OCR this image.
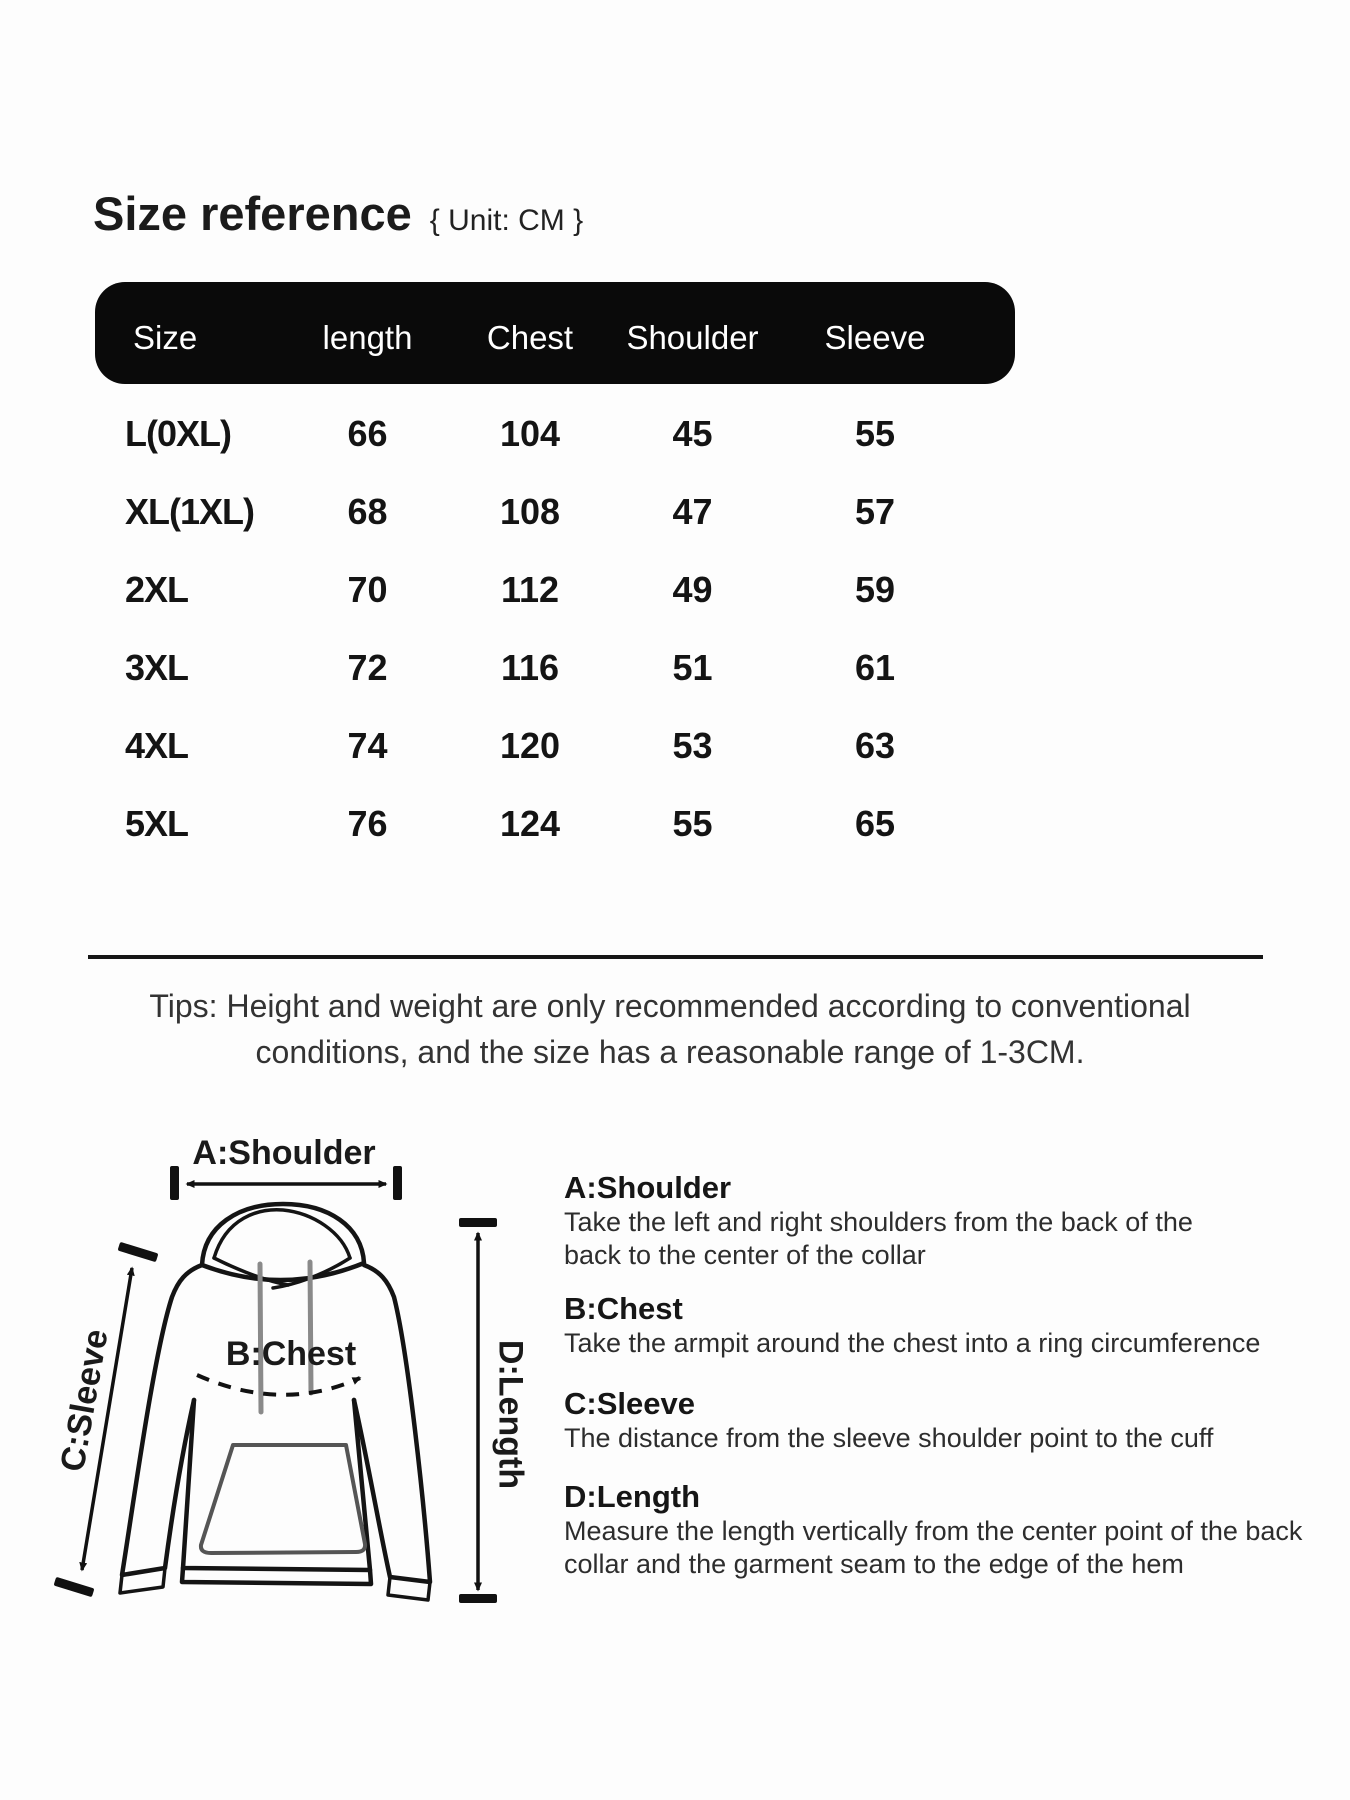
Size reference { Unit: CM }
Size	length	Chest	Shoulder	Sleeve
L(0XL)	66	104	45	55
XL(1XL)	68	108	47	57
2XL	70	112	49	59
3XL	72	116	51	61
4XL	74	120	53	63
5XL	76	124	55	65
Tips: Height and weight are only recommended according to conventional
conditions, and the size has a reasonable range of 1-3CM.
A:Shoulder
B:Chest
C:Sleeve	D:Length
A:Shoulder

Take the left and right shoulders from the back of the back to the center of the collar

B:Chest

Take the armpit around the chest into a ring circumference

C:Sleeve

The distance from the sleeve shoulder point to the cuff

D:Length

Measure the length vertically from the center point of the back collar and the garment seam to the edge of the hem
